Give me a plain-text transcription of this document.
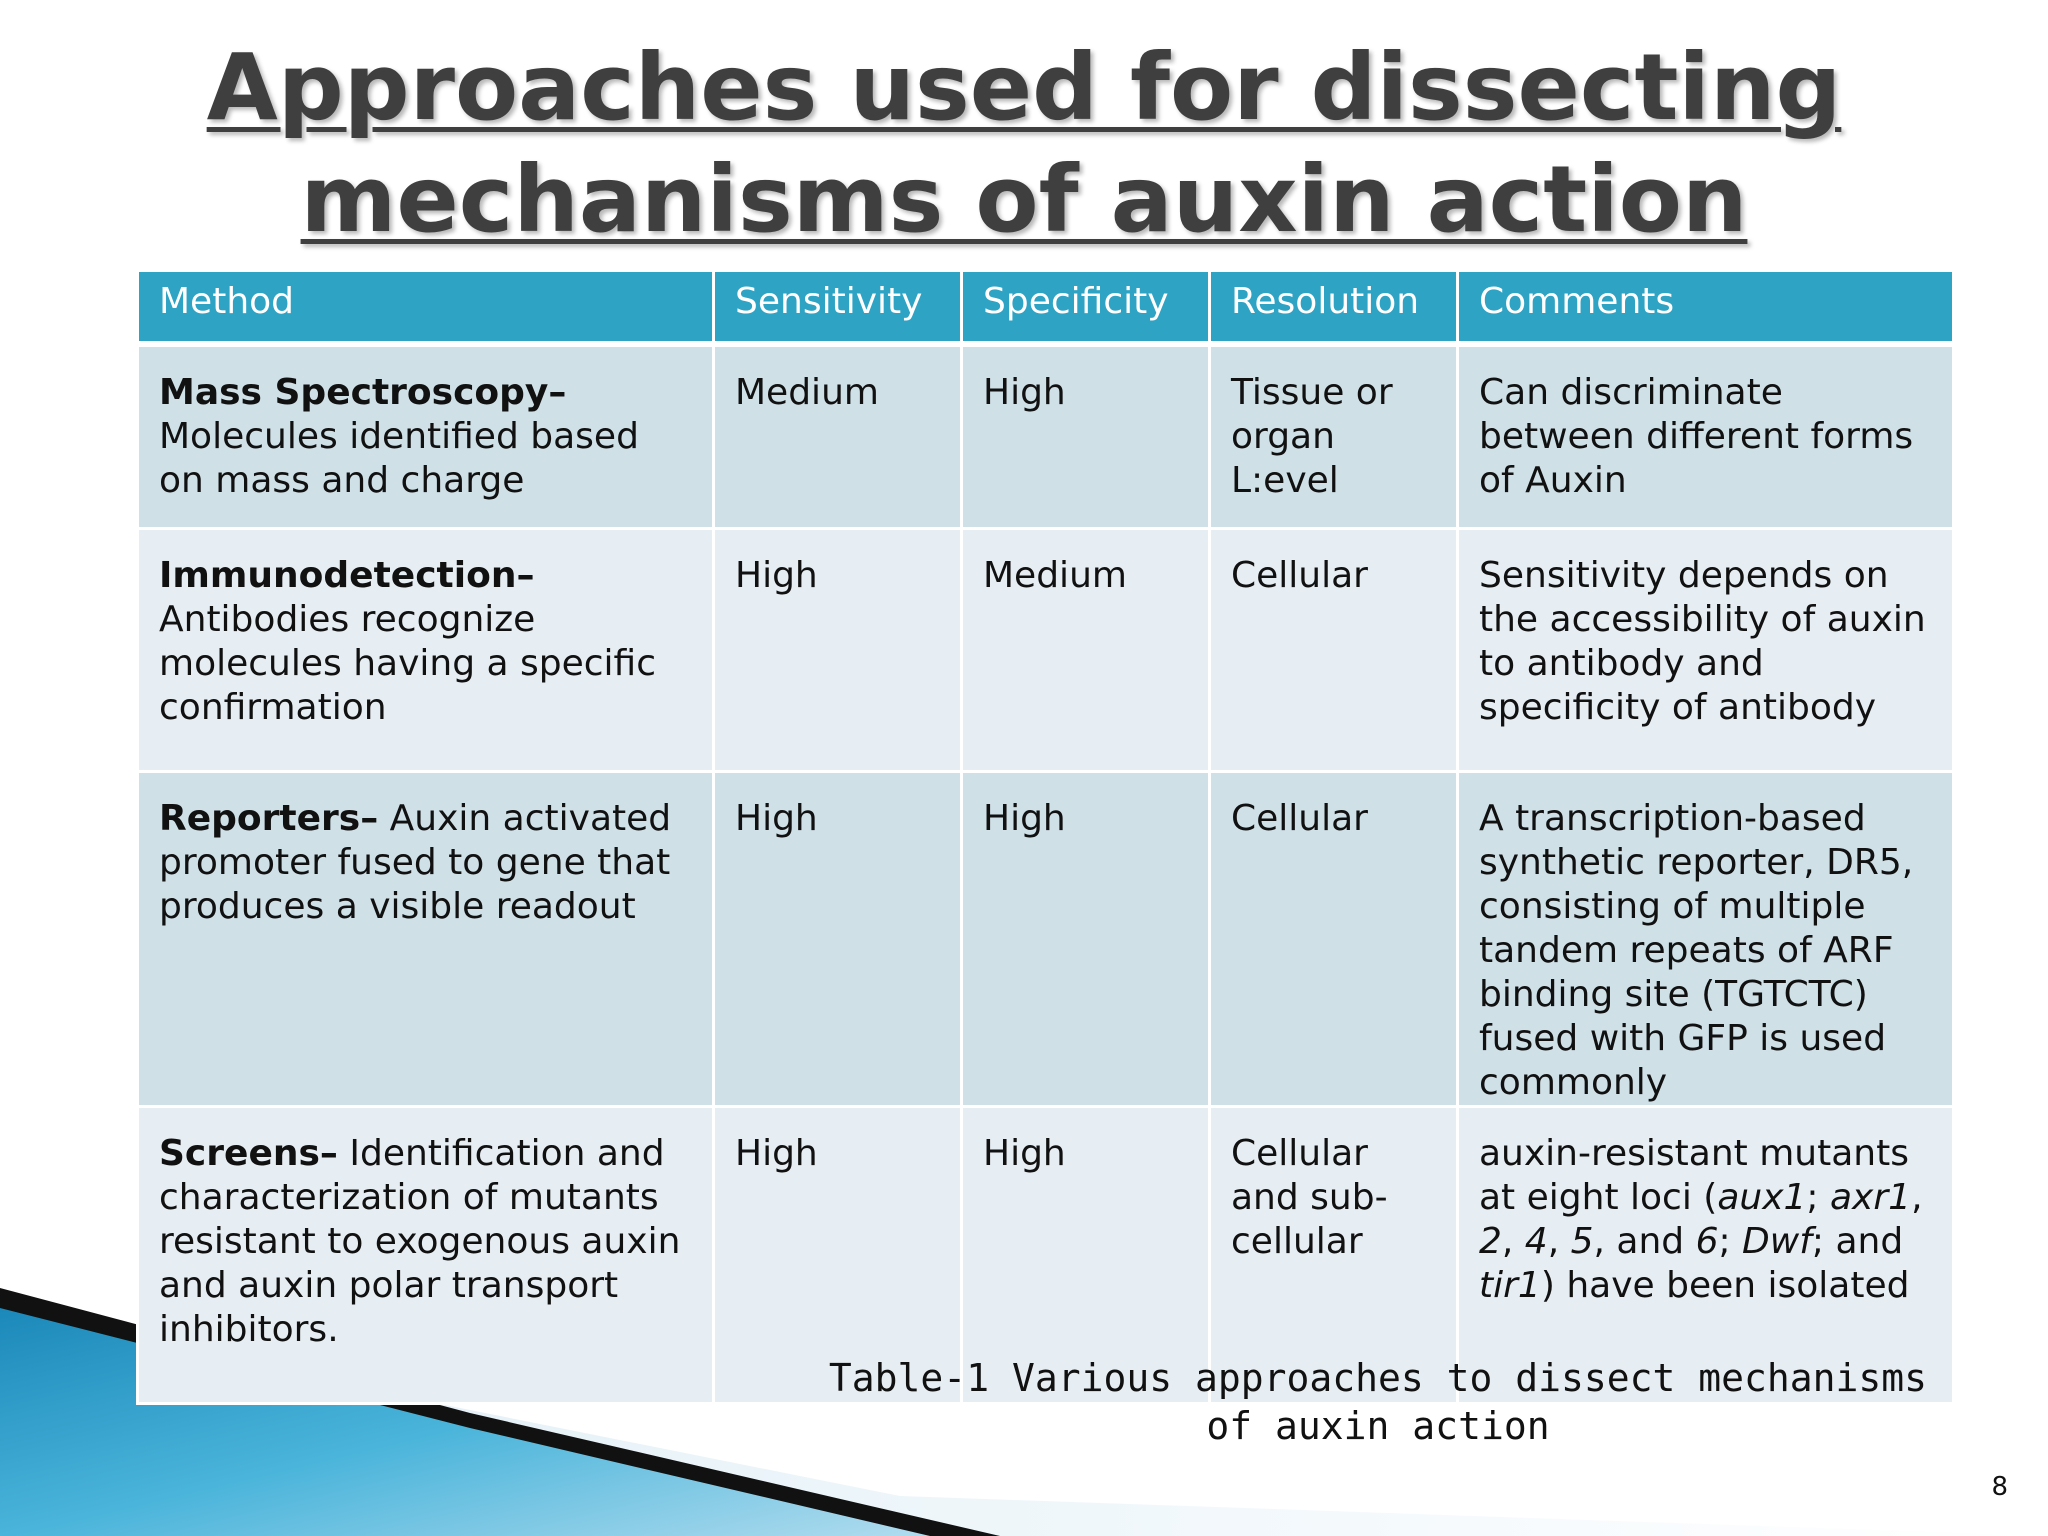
Approaches used for dissecting mechanisms of auxin action
Method	Sensitivity	Specificity	Resolution	Comments
Mass Spectroscopy– Molecules identified based on mass and charge	Medium	High	Tissue or organ L:evel	Can discriminate between different forms of Auxin
Immunodetection– Antibodies recognize molecules having a specific confirmation	High	Medium	Cellular	Sensitivity depends on the accessibility of auxin to antibody and specificity of antibody
Reporters– Auxin activated promoter fused to gene that produces a visible readout	High	High	Cellular	A transcription-based synthetic reporter, DR5, consisting of multiple tandem repeats of ARF binding site (TGTCTC) fused with GFP is used commonly
Screens– Identification and characterization of mutants resistant to exogenous auxin and auxin polar transport inhibitors.	High	High	Cellular and sub-cellular	auxin-resistant mutants at eight loci (aux1; axr1, 2, 4, 5, and 6; Dwf; and tir1) have been isolated

Table-1 Various approaches to dissect mechanisms of auxin action

8
